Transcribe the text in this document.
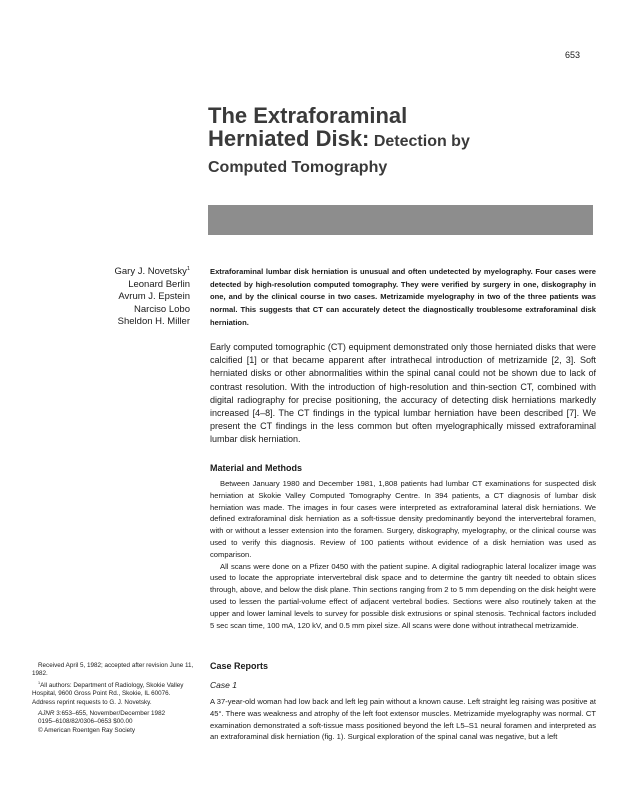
653
The Extraforaminal
Herniated Disk: Detection by
Computed Tomography
Gary J. Novetsky$^1$
Leonard Berlin
Avrum J. Epstein
Narciso Lobo
Sheldon H. Miller
Extraforaminal lumbar disk herniation is unusual and often undetected by myelography. Four cases were detected by high-resolution computed tomography. They were verified by surgery in one, diskography in one, and by the clinical course in two cases. Metrizamide myelography in two of the three patients was normal. This suggests that CT can accurately detect the diagnostically troublesome extraforaminal disk herniation.
Early computed tomographic (CT) equipment demonstrated only those herniated disks that were calcified [1] or that became apparent after intrathecal introduction of metrizamide [2, 3]. Soft herniated disks or other abnormalities within the spinal canal could not be shown due to lack of contrast resolution. With the introduction of high-resolution and thin-section CT, combined with digital radiography for precise positioning, the accuracy of detecting disk herniations markedly increased [4–8]. The CT findings in the typical lumbar herniation have been described [7]. We present the CT findings in the less common but often myelographically missed extraforaminal lumbar disk herniation.
Material and Methods

Between January 1980 and December 1981, 1,808 patients had lumbar CT examinations for suspected disk herniation at Skokie Valley Computed Tomography Centre. In 394 patients, a CT diagnosis of lumbar disk herniation was made. The images in four cases were interpreted as extraforaminal lateral disk herniations. We defined extraforaminal disk herniation as a soft-tissue density predominantly beyond the intervertebral foramen, with or without a lesser extension into the foramen. Surgery, diskography, myelography, or the clinical course was used to verify this diagnosis. Review of 100 patients without evidence of a disk herniation was used as comparison.

All scans were done on a Pfizer 0450 with the patient supine. A digital radiographic lateral localizer image was used to locate the appropriate intervertebral disk space and to determine the gantry tilt needed to obtain slices through, above, and below the disk plane. Thin sections ranging from 2 to 5 mm depending on the disk height were used to lessen the partial-volume effect of adjacent vertebral bodies. Sections were also routinely taken at the upper and lower laminal levels to survey for possible disk extrusions or spinal stenosis. Technical factors included 5 sec scan time, 100 mA, 120 kV, and 0.5 mm pixel size. All scans were done without intrathecal metrizamide.

Case Reports
Case 1
A 37-year-old woman had low back and left leg pain without a known cause. Left straight leg raising was positive at 45°. There was weakness and atrophy of the left foot extensor muscles. Metrizamide myelography was normal. CT examination demonstrated a soft-tissue mass positioned beyond the left L5–S1 neural foramen and interpreted as an extraforaminal disk herniation (fig. 1). Surgical exploration of the spinal canal was negative, but a left

Received April 5, 1982; accepted after revision June 11, 1982.

$^1$All authors: Department of Radiology, Skokie Valley Hospital, 9600 Gross Point Rd., Skokie, IL 60076. Address reprint requests to G. J. Novetsky.

AJNR 3:653–655, November/December 1982

0195–6108/82/0306–0653 $00.00

© American Roentgen Ray Society
